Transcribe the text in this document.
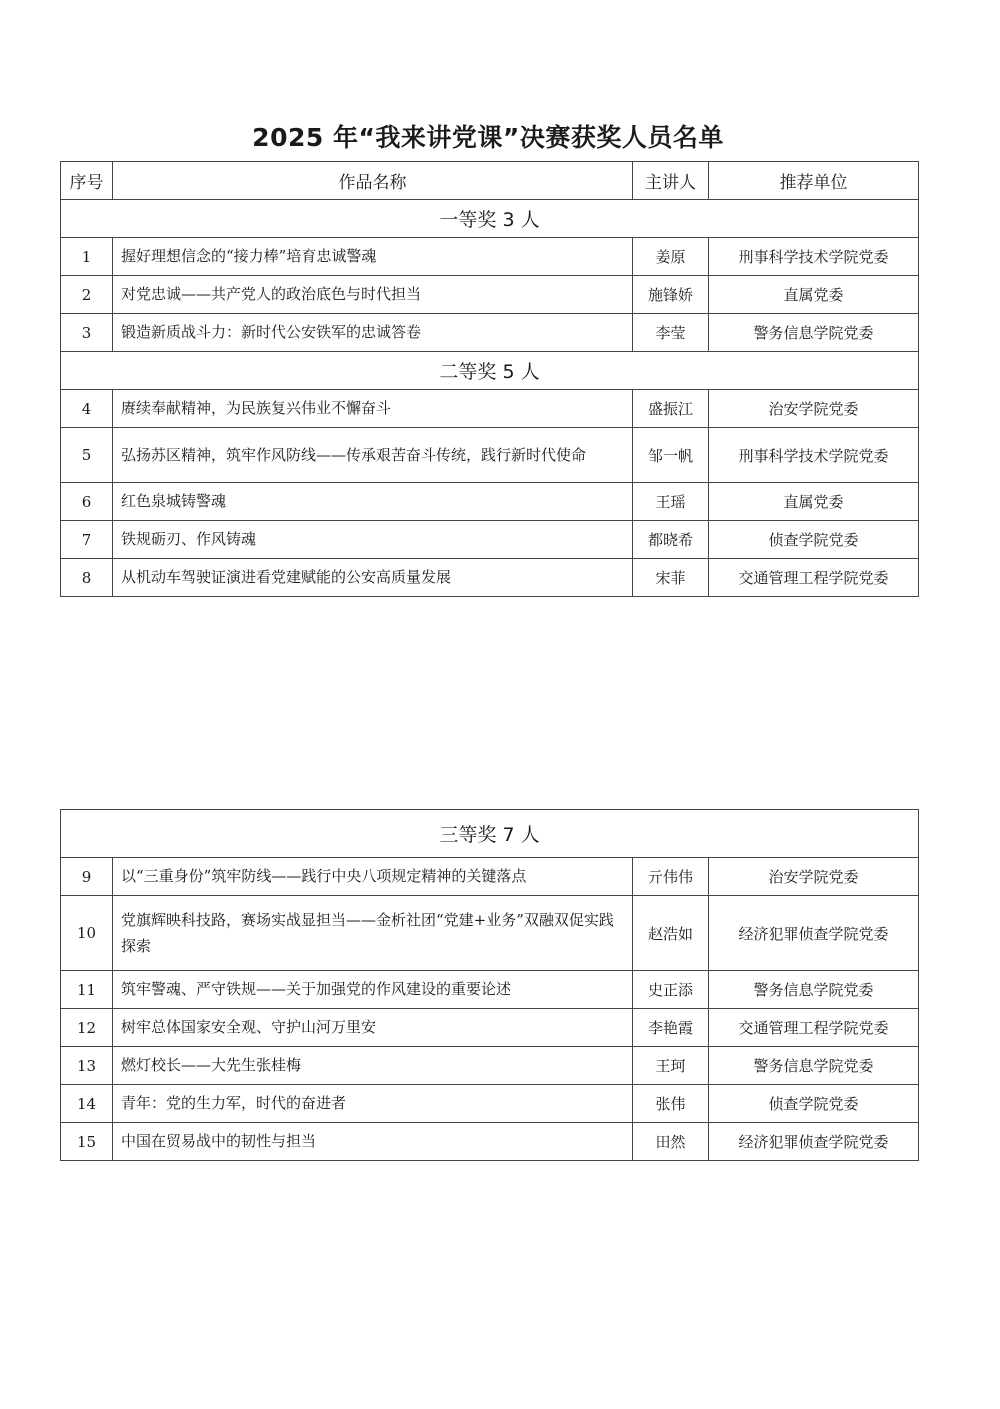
2025 年“我来讲党课”决赛获奖人员名单
序号	作品名称	主讲人	推荐单位
一等奖 3 人			
1	握好理想信念的“接力棒”培育忠诚警魂	姜原	刑事科学技术学院党委
2	对党忠诚——共产党人的政治底色与时代担当	施锋娇	直属党委
3	锻造新质战斗力：新时代公安铁军的忠诚答卷	李莹	警务信息学院党委
二等奖 5 人			
4	赓续奉献精神，为民族复兴伟业不懈奋斗	盛振江	治安学院党委
5	弘扬苏区精神，筑牢作风防线——传承艰苦奋斗传统，践行新时代使命	邹一帆	刑事科学技术学院党委
6	红色泉城铸警魂	王瑶	直属党委
7	铁规砺刃、作风铸魂	都晓希	侦查学院党委
8	从机动车驾驶证演进看党建赋能的公安高质量发展	宋菲	交通管理工程学院党委
三等奖 7 人			
9	以“三重身份”筑牢防线——践行中央八项规定精神的关键落点	亓伟伟	治安学院党委
10	党旗辉映科技路，赛场实战显担当——金析社团“党建+业务”双融双促实践探索	赵浩如	经济犯罪侦查学院党委
11	筑牢警魂、严守铁规——关于加强党的作风建设的重要论述	史正添	警务信息学院党委
12	树牢总体国家安全观、守护山河万里安	李艳霞	交通管理工程学院党委
13	燃灯校长——大先生张桂梅	王珂	警务信息学院党委
14	青年：党的生力军，时代的奋进者	张伟	侦查学院党委
15	中国在贸易战中的韧性与担当	田然	经济犯罪侦查学院党委
